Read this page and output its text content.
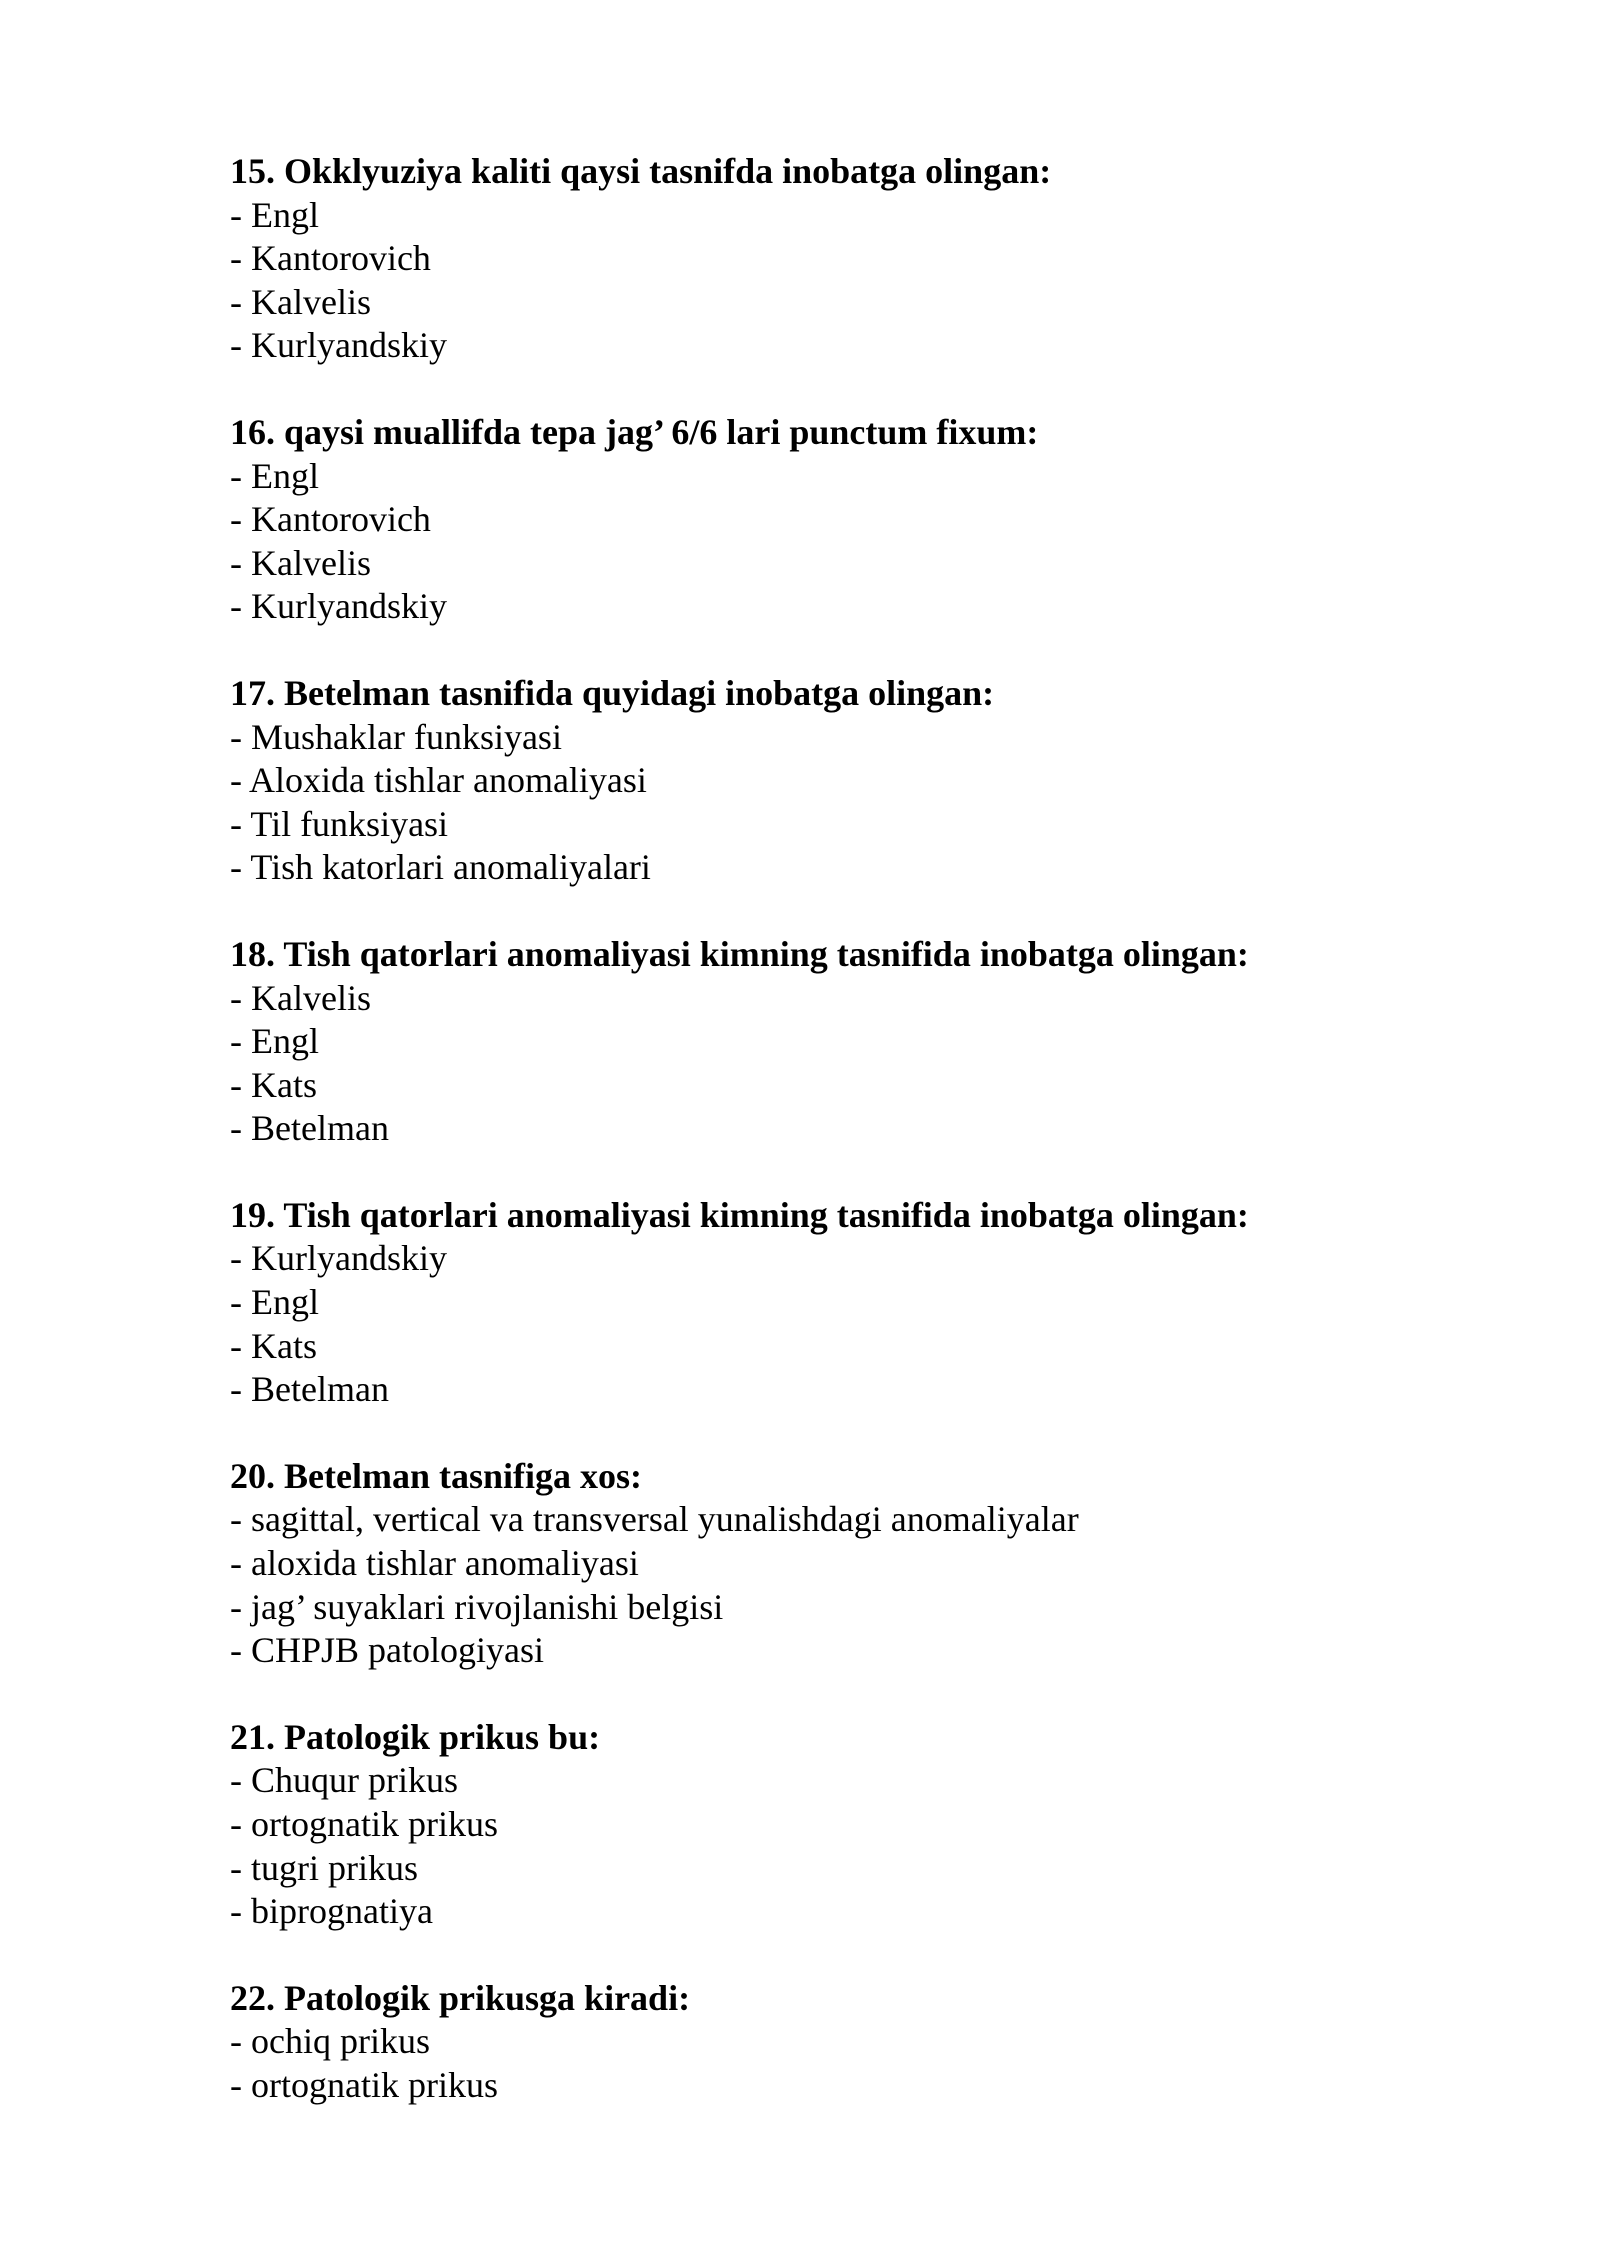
15. Okklyuziya kaliti qaysi tasnifda inobatga olingan:
- Engl
- Kantorovich
- Kalvelis
- Kurlyandskiy
16. qaysi muallifda tepa jag’ 6/6 lari punctum fixum:
- Engl
- Kantorovich
- Kalvelis
- Kurlyandskiy
17. Betelman tasnifida quyidagi inobatga olingan:
- Mushaklar funksiyasi
- Aloxida tishlar anomaliyasi
- Til funksiyasi
- Tish katorlari anomaliyalari
18. Tish qatorlari anomaliyasi kimning tasnifida inobatga olingan:
- Kalvelis
- Engl
- Kats
- Betelman
19. Tish qatorlari anomaliyasi kimning tasnifida inobatga olingan:
- Kurlyandskiy
- Engl
- Kats
- Betelman
20. Betelman tasnifiga xos:
- sagittal, vertical va transversal yunalishdagi anomaliyalar
- aloxida tishlar anomaliyasi
- jag’ suyaklari rivojlanishi belgisi
- CHPJB patologiyasi
21. Patologik prikus bu:
- Chuqur prikus
- ortognatik prikus
- tugri prikus
- biprognatiya
22. Patologik prikusga kiradi:
- ochiq prikus
- ortognatik prikus
